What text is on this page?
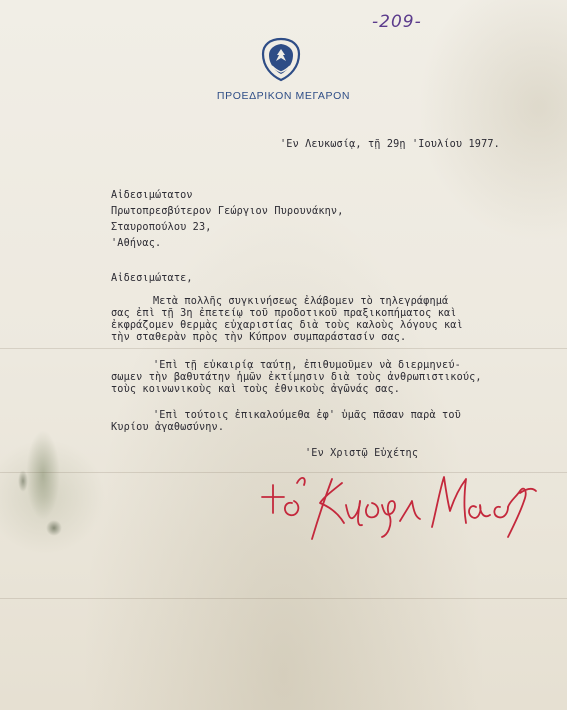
-209-
ΠΡΟΕΔΡΙΚΟΝ ΜΕΓΑΡΟΝ
'Εν Λευκωσίᾳ, τῇ 29ῃ 'Ιουλίου 1977.
Αἰδεσιμώτατον
Πρωτοπρεσβύτερον Γεώργιον Πυρουνάκην,
Σταυροπούλου 23,
'Αθήνας.
Αἰδεσιμώτατε,
Μετὰ πολλῆς συγκινήσεως ἐλάβομεν τὸ τηλεγράφημά
σας ἐπὶ τῇ 3η ἐπετείῳ τοῦ προδοτικοῦ πραξικοπήματος καὶ
ἐκφράζομεν θερμὰς εὐχαριστίας διὰ τοὺς καλοὺς λόγους καὶ
τὴν σταθερὰν πρὸς τὴν Κύπρον συμπαράστασίν σας.
'Επὶ τῇ εὐκαιρίᾳ ταύτῃ, ἐπιθυμοῦμεν νὰ διερμηνεύ-
σωμεν τὴν βαθυτάτην ἡμῶν ἐκτίμησιν διὰ τοὺς ἀνθρωπιστικούς,
τοὺς κοινωνικοὺς καὶ τοὺς ἐθνικοὺς ἀγῶνάς σας.
'Επὶ τούτοις ἐπικαλούμεθα ἐφ' ὑμᾶς πᾶσαν παρὰ τοῦ
Κυρίου ἀγαθωσύνην.
'Εν Χριστῷ Εὐχέτης
